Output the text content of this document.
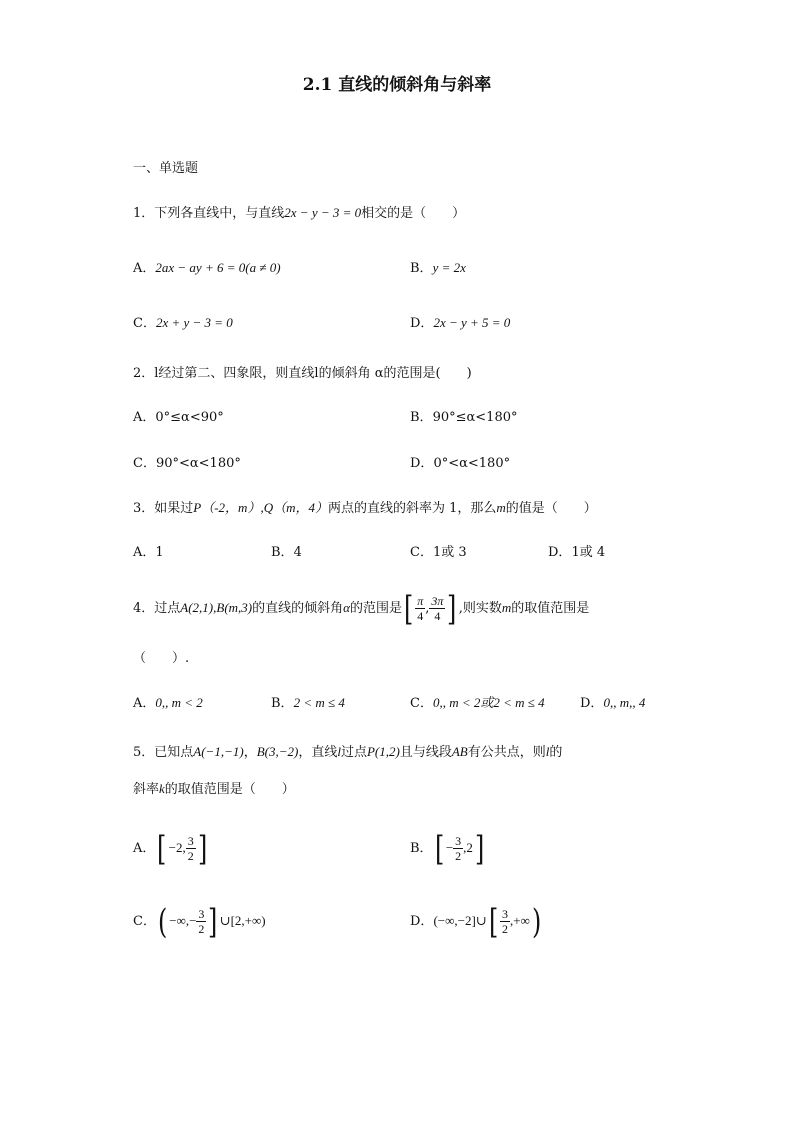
2.1 直线的倾斜角与斜率
一、单选题
1．下列各直线中，与直线2x − y − 3 = 0相交的是（　　）
A．2ax − ay + 6 = 0(a ≠ 0)	B．y = 2x
C．2x + y − 3 = 0	D．2x − y + 5 = 0
2．l经过第二、四象限，则直线l的倾斜角 α的范围是(　　)
A．0°≤α<90°	B．90°≤α<180°
C．90°<α<180°	D．0°<α<180°
3．如果过P（-2，m）,Q（m，4）两点的直线的斜率为 1，那么m的值是（　　）
A．1	B．4	C．1或 3	D．1或 4
4．过点A(2,1),B(m,3)的直线的倾斜角α的范围是[ $\frac{\pi}{4}$ , $\frac{3\pi}{4}$ ] ,则实数m的取值范围是
（　　）.
A．0,, m < 2	B．2 < m ≤ 4	C．0,, m < 2或2 < m ≤ 4	D．0,, m,, 4
5．已知点A(−1,−1)，B(3,−2)，直线l过点P(1,2)且与线段AB有公共点，则l的
斜率k的取值范围是（　　）
A．[ −2, $\frac{3}{2}$ ]	B．[ − $\frac{3}{2} ,2$]
C．( −∞,− $\frac{3}{2}$ ] ∪[2,+∞)	D．(−∞,−2]∪[ $\frac{3}{2}$ ,+∞)
